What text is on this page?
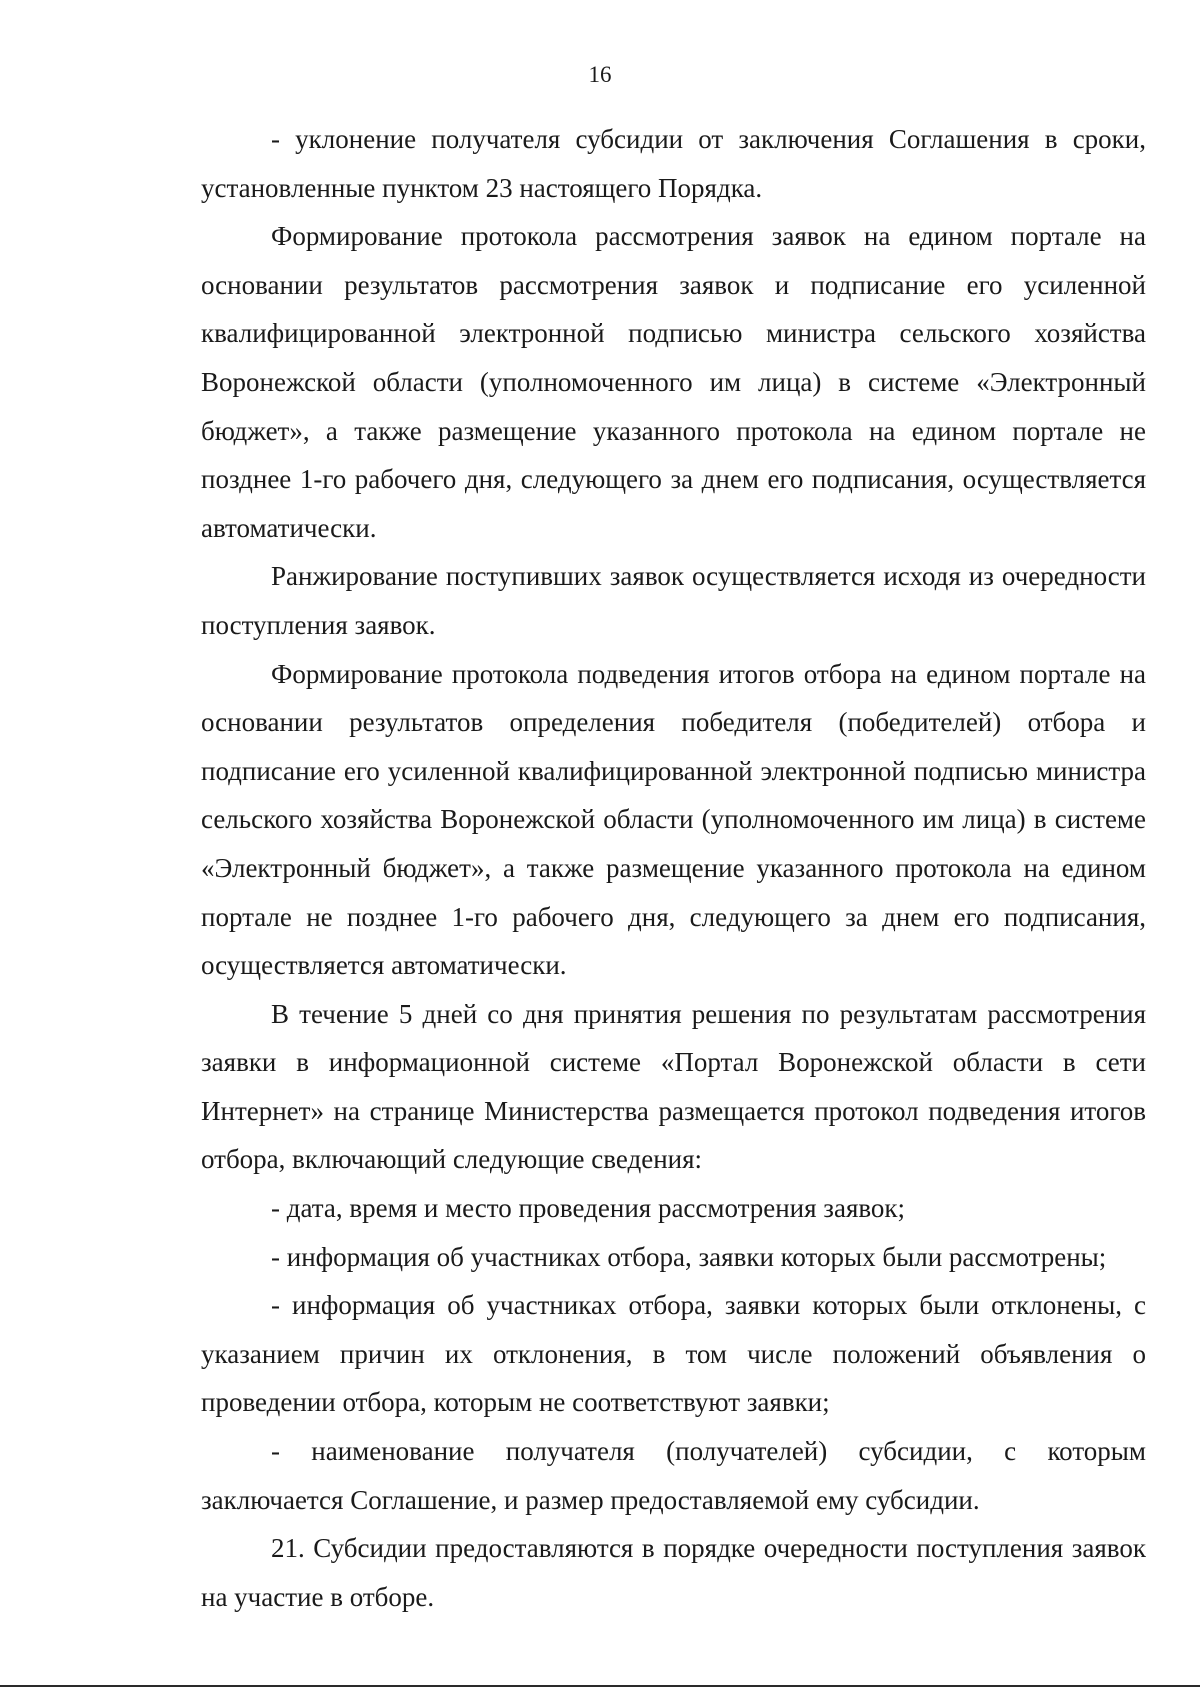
16

- уклонение получателя субсидии от заключения Соглашения в сроки, установленные пунктом 23 настоящего Порядка.

Формирование протокола рассмотрения заявок на едином портале на основании результатов рассмотрения заявок и подписание его усиленной квалифицированной электронной подписью министра сельского хозяйства Воронежской области (уполномоченного им лица) в системе «Электронный бюджет», а также размещение указанного протокола на едином портале не позднее 1-го рабочего дня, следующего за днем его подписания, осуществляется автоматически.

Ранжирование поступивших заявок осуществляется исходя из очередности поступления заявок.

Формирование протокола подведения итогов отбора на едином портале на основании результатов определения победителя (победителей) отбора и подписание его усиленной квалифицированной электронной подписью министра сельского хозяйства Воронежской области (уполномоченного им лица) в системе «Электронный бюджет», а также размещение указанного протокола на едином портале не позднее 1-го рабочего дня, следующего за днем его подписания, осуществляется автоматически.

В течение 5 дней со дня принятия решения по результатам рассмотрения заявки в информационной системе «Портал Воронежской области в сети Интернет» на странице Министерства размещается протокол подведения итогов отбора, включающий следующие сведения:

- дата, время и место проведения рассмотрения заявок;

- информация об участниках отбора, заявки которых были рассмотрены;

- информация об участниках отбора, заявки которых были отклонены, с указанием причин их отклонения, в том числе положений объявления о проведении отбора, которым не соответствуют заявки;

- наименование получателя (получателей) субсидии, с которым заключается Соглашение, и размер предоставляемой ему субсидии.

21. Субсидии предоставляются в порядке очередности поступления заявок на участие в отборе.
